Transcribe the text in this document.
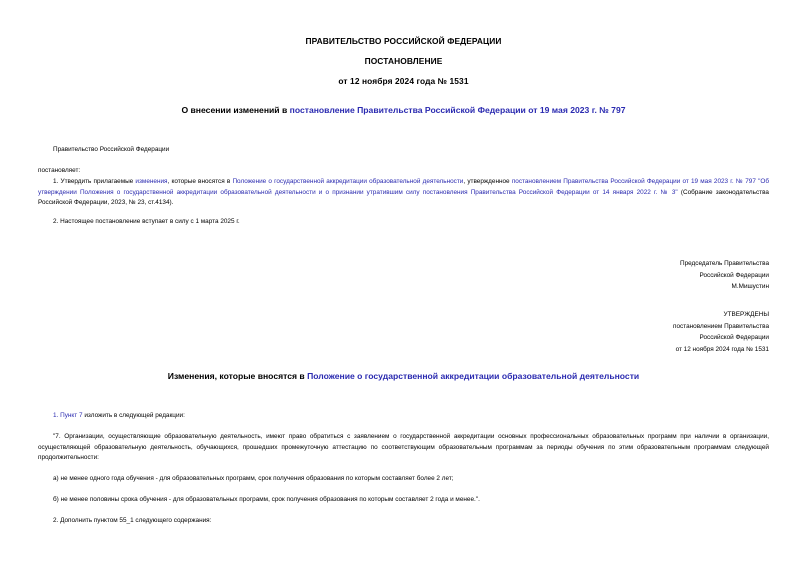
ПРАВИТЕЛЬСТВО РОССИЙСКОЙ ФЕДЕРАЦИИ
ПОСТАНОВЛЕНИЕ
от 12 ноября 2024 года № 1531
О внесении изменений в постановление Правительства Российской Федерации от 19 мая 2023 г. № 797
Правительство Российской Федерации
постановляет:
1. Утвердить прилагаемые изменения, которые вносятся в Положение о государственной аккредитации образовательной деятельности, утвержденное постановлением Правительства Российской Федерации от 19 мая 2023 г. № 797 "Об утверждении Положения о государственной аккредитации образовательной деятельности и о признании утратившим силу постановления Правительства Российской Федерации от 14 января 2022 г. № 3" (Собрание законодательства Российской Федерации, 2023, № 23, ст.4134).
2. Настоящее постановление вступает в силу с 1 марта 2025 г.
Председатель Правительства
Российской Федерации
М.Мишустин
УТВЕРЖДЕНЫ
постановлением Правительства
Российской Федерации
от 12 ноября 2024 года № 1531
Изменения, которые вносятся в Положение о государственной аккредитации образовательной деятельности
1. Пункт 7 изложить в следующей редакции:
"7. Организации, осуществляющие образовательную деятельность, имеют право обратиться с заявлением о государственной аккредитации основных профессиональных образовательных программ при наличии в организации, осуществляющей образовательную деятельность, обучающихся, прошедших промежуточную аттестацию по соответствующим образовательным программам за периоды обучения по этим образовательным программам следующей продолжительности:
а) не менее одного года обучения - для образовательных программ, срок получения образования по которым составляет более 2 лет;
б) не менее половины срока обучения - для образовательных программ, срок получения образования по которым составляет 2 года и менее.".
2. Дополнить пунктом 55_1 следующего содержания:
